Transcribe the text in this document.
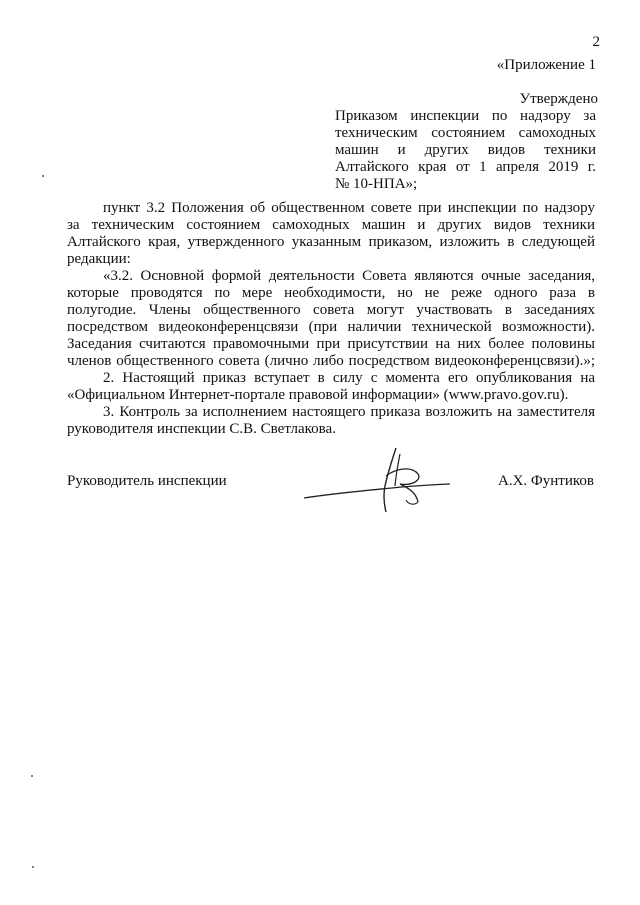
2
«Приложение 1
Утверждено
Приказом инспекции по надзору за
техническим состоянием самоходных
машин и других видов техники
Алтайского края от 1 апреля 2019 г.
№ 10-НПА»;
пункт 3.2 Положения об общественном совете при инспекции по надзору
за техническим состоянием самоходных машин и других видов техники
Алтайского края, утвержденного указанным приказом, изложить в следующей
редакции:
«3.2. Основной формой деятельности Совета являются очные заседания,
которые проводятся по мере необходимости, но не реже одного раза в
полугодие. Члены общественного совета могут участвовать в заседаниях
посредством видеоконференцсвязи (при наличии технической возможности).
Заседания считаются правомочными при присутствии на них более половины
членов общественного совета (лично либо посредством видеоконференцсвязи).»;
2. Настоящий приказ вступает в силу с момента его опубликования на
«Официальном Интернет-портале правовой информации» (www.pravo.gov.ru).
3. Контроль за исполнением настоящего приказа возложить на заместителя
руководителя инспекции С.В. Светлакова.
Руководитель инспекции	А.Х. Фунтиков
